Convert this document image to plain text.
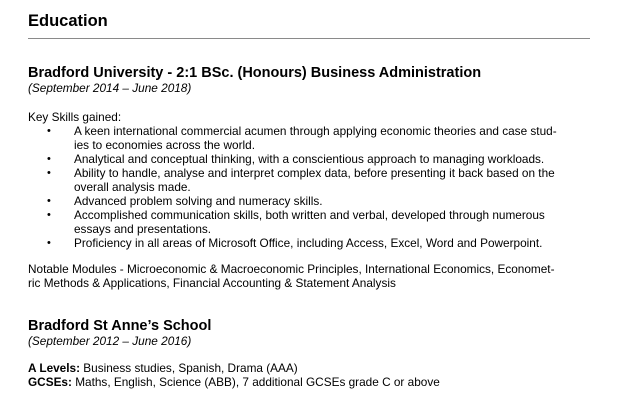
Education
Bradford University - 2:1 BSc. (Honours) Business Administration
(September 2014 – June 2018)
Key Skills gained:
• A keen international commercial acumen through applying economic theories and case stud-
ies to economies across the world.
• Analytical and conceptual thinking, with a conscientious approach to managing workloads.
• Ability to handle, analyse and interpret complex data, before presenting it back based on the
overall analysis made.
• Advanced problem solving and numeracy skills.
• Accomplished communication skills, both written and verbal, developed through numerous
essays and presentations.
• Proficiency in all areas of Microsoft Office, including Access, Excel, Word and Powerpoint.
Notable Modules - Microeconomic & Macroeconomic Principles, International Economics, Economet-
ric Methods & Applications, Financial Accounting & Statement Analysis
Bradford St Anne’s School
(September 2012 – June 2016)
A Levels: Business studies, Spanish, Drama (AAA)
GCSEs: Maths, English, Science (ABB), 7 additional GCSEs grade C or above
